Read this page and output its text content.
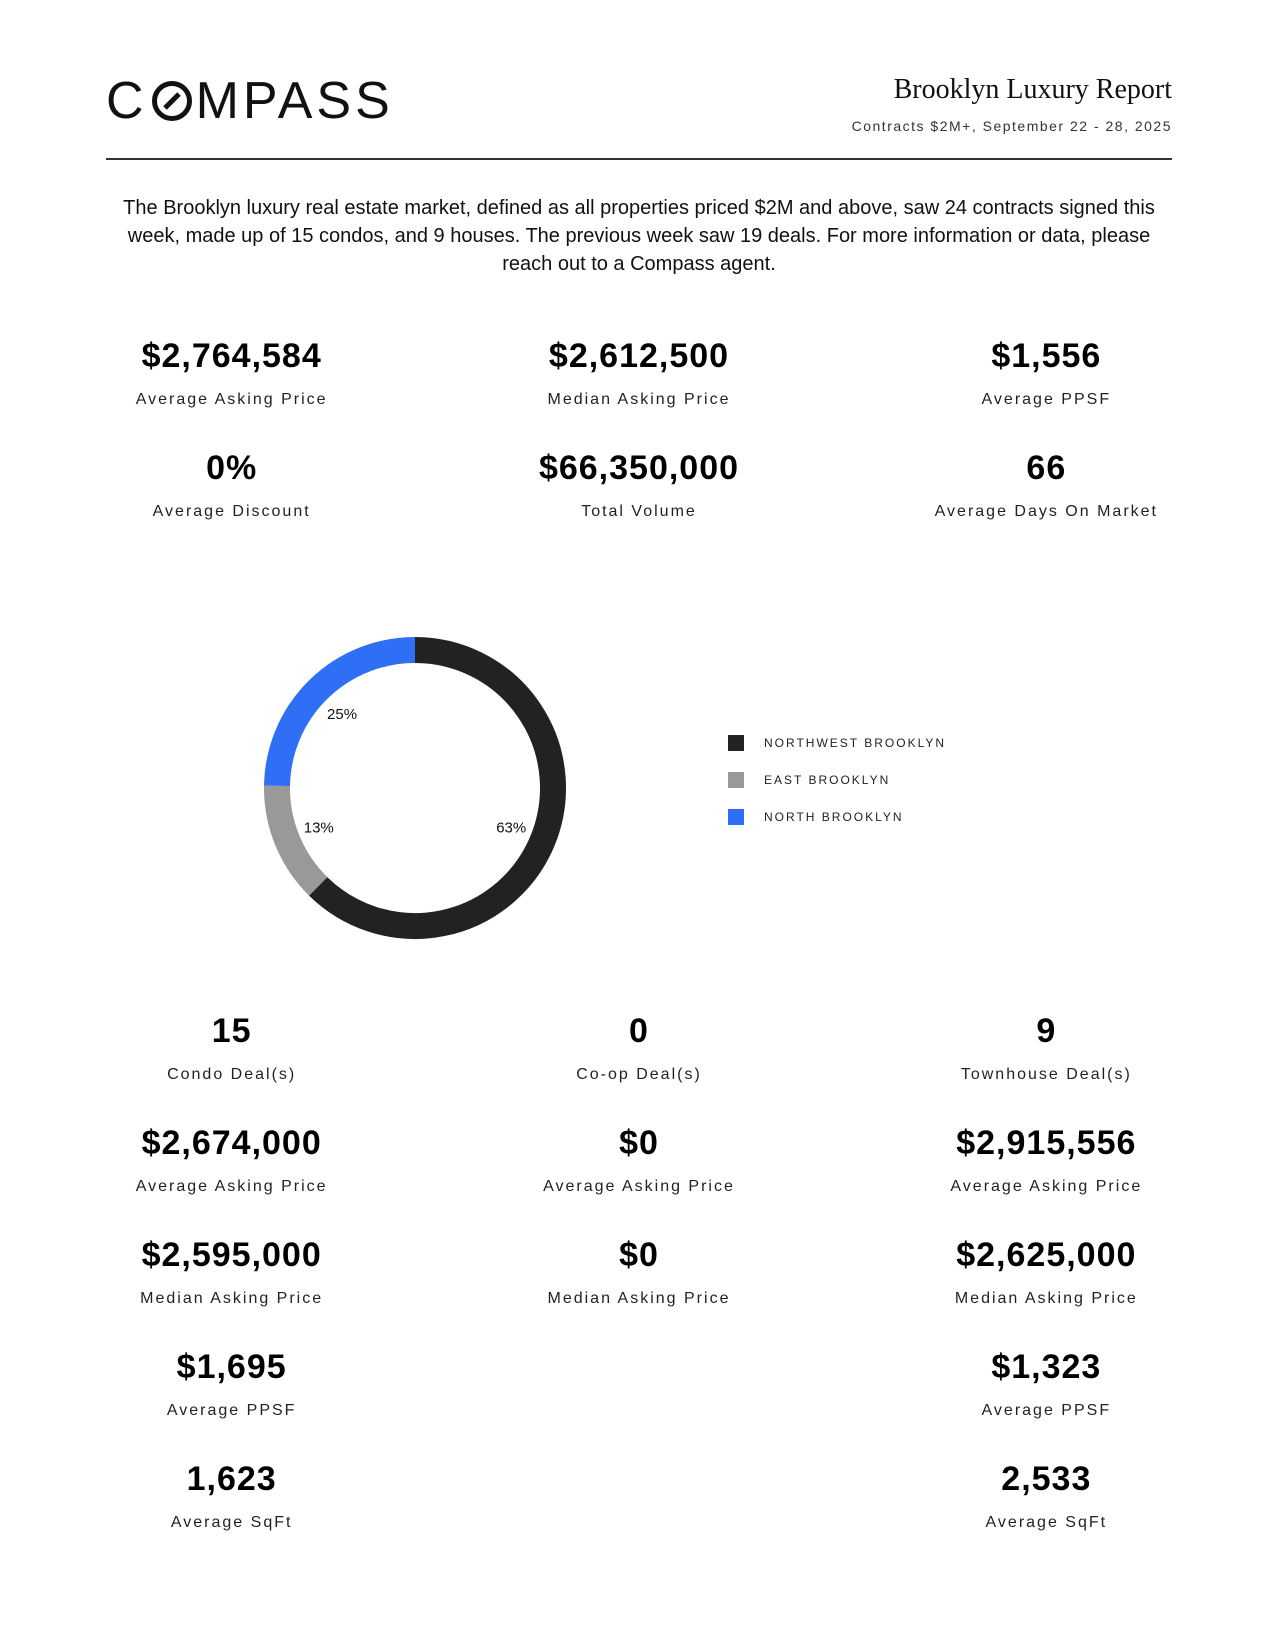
C MPASS	Brooklyn Luxury Report
Contracts $2M+, September 22 - 28, 2025
The Brooklyn luxury real estate market, defined as all properties priced $2M and above, saw 24 contracts signed this week, made up of 15 condos, and 9 houses. The previous week saw 19 deals. For more information or data, please reach out to a Compass agent.
$2,764,584
Average Asking Price
$2,612,500
Median Asking Price
$1,556
Average PPSF
0%
Average Discount
$66,350,000
Total Volume
66
Average Days On Market
63%
13%
25%
NORTHWEST BROOKLYN
EAST BROOKLYN
NORTH BROOKLYN
15
Condo Deal(s)
0
Co-op Deal(s)
9
Townhouse Deal(s)
$2,674,000
Average Asking Price
$0
Average Asking Price
$2,915,556
Average Asking Price
$2,595,000
Median Asking Price
$0
Median Asking Price
$2,625,000
Median Asking Price
$1,695
Average PPSF
$1,323
Average PPSF
1,623
Average SqFt
2,533
Average SqFt
